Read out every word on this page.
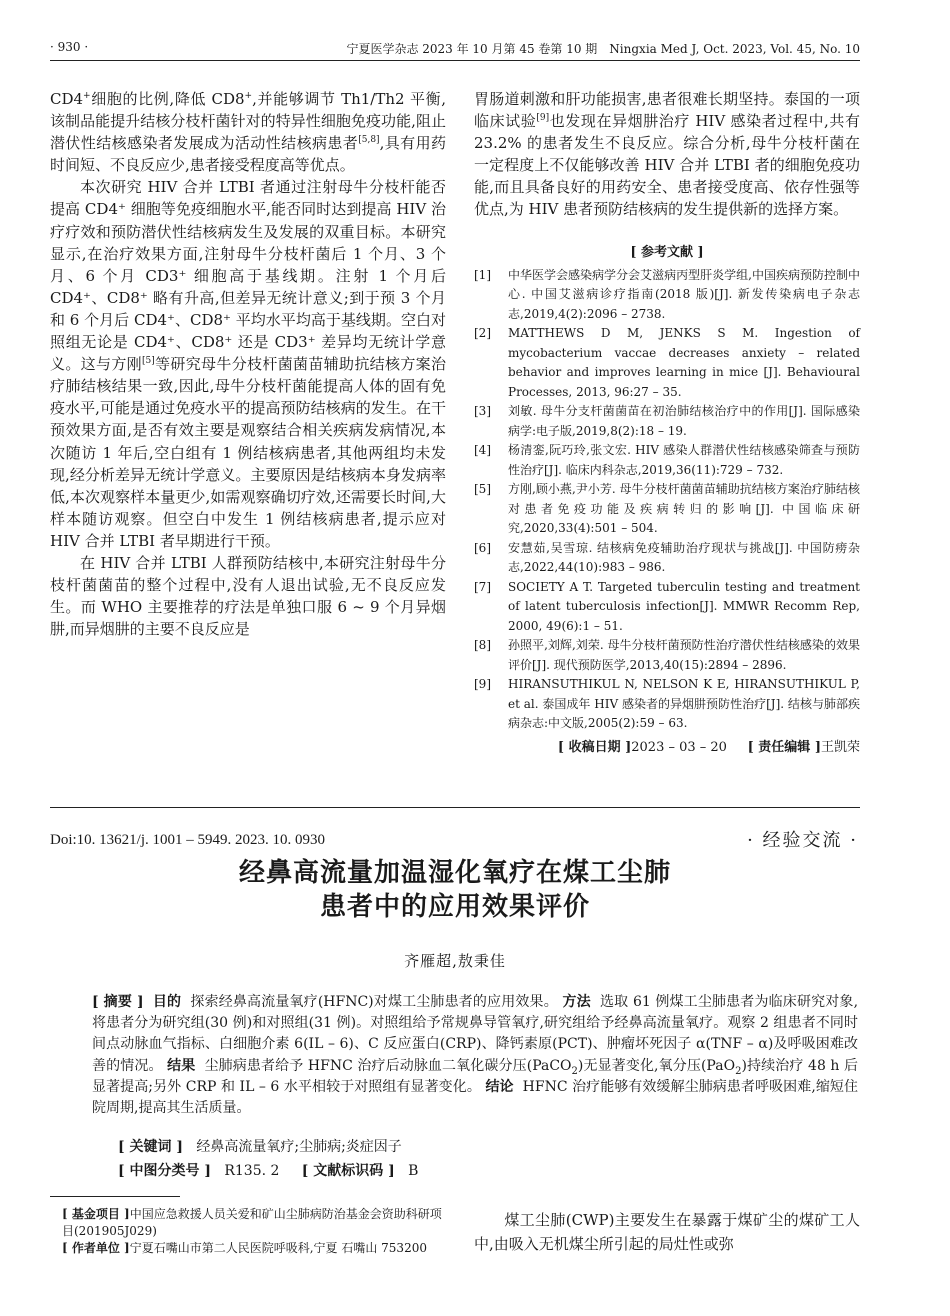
· 930 ·	宁夏医学杂志 2023 年 10 月第 45 卷第 10 期　Ningxia Med J, Oct. 2023, Vol. 45, No. 10

CD4+细胞的比例,降低 CD8+,并能够调节 Th1/Th2 平衡,该制品能提升结核分枝杆菌针对的特异性细胞免疫功能,阻止潜伏性结核感染者发展成为活动性结核病患者[5,8],具有用药时间短、不良反应少,患者接受程度高等优点。

本次研究 HIV 合并 LTBI 者通过注射母牛分枝杆能否提高 CD4⁺ 细胞等免疫细胞水平,能否同时达到提高 HIV 治疗疗效和预防潜伏性结核病发生及发展的双重目标。本研究显示,在治疗效果方面,注射母牛分枝杆菌后 1 个月、3 个月、6 个月 CD3⁺ 细胞高于基线期。注射 1 个月后 CD4⁺、CD8⁺ 略有升高,但差异无统计意义;到于预 3 个月和 6 个月后 CD4⁺、CD8⁺ 平均水平均高于基线期。空白对照组无论是 CD4⁺、CD8⁺ 还是 CD3⁺ 差异均无统计学意义。这与方刚[5]等研究母牛分枝杆菌菌苗辅助抗结核方案治疗肺结核结果一致,因此,母牛分枝杆菌能提高人体的固有免疫水平,可能是通过免疫水平的提高预防结核病的发生。在干预效果方面,是否有效主要是观察结合相关疾病发病情况,本次随访 1 年后,空白组有 1 例结核病患者,其他两组均未发现,经分析差异无统计学意义。主要原因是结核病本身发病率低,本次观察样本量更少,如需观察确切疗效,还需要长时间,大样本随访观察。但空白中发生 1 例结核病患者,提示应对 HIV 合并 LTBI 者早期进行干预。

在 HIV 合并 LTBI 人群预防结核中,本研究注射母牛分枝杆菌菌苗的整个过程中,没有人退出试验,无不良反应发生。而 WHO 主要推荐的疗法是单独口服 6 ~ 9 个月异烟肼,而异烟肼的主要不良反应是

胃肠道刺激和肝功能损害,患者很难长期坚持。泰国的一项临床试验[9]也发现在异烟肼治疗 HIV 感染者过程中,共有 23.2% 的患者发生不良反应。综合分析,母牛分枝杆菌在一定程度上不仅能够改善 HIV 合并 LTBI 者的细胞免疫功能,而且具备良好的用药安全、患者接受度高、依存性强等优点,为 HIV 患者预防结核病的发生提供新的选择方案。

[ 参考文献 ]
[1]	中华医学会感染病学分会艾滋病丙型肝炎学组,中国疾病预防控制中心. 中国艾滋病诊疗指南(2018 版)[J]. 新发传染病电子杂志志,2019,4(2):2096 – 2738.
[2]	MATTHEWS D M, JENKS S M. Ingestion of mycobacterium vaccae decreases anxiety – related behavior and improves learning in mice [J]. Behavioural Processes, 2013, 96:27 – 35.
[3]	刘敏. 母牛分支杆菌菌苗在初治肺结核治疗中的作用[J]. 国际感染病学:电子版,2019,8(2):18 – 19.
[4]	杨清銮,阮巧玲,张文宏. HIV 感染人群潜伏性结核感染筛查与预防性治疗[J]. 临床内科杂志,2019,36(11):729 – 732.
[5]	方刚,顾小燕,尹小芳. 母牛分枝杆菌菌苗辅助抗结核方案治疗肺结核对患者免疫功能及疾病转归的影响[J]. 中国临床研究,2020,33(4):501 – 504.
[6]	安慧茹,吴雪琼. 结核病免疫辅助治疗现状与挑战[J]. 中国防痨杂志,2022,44(10):983 – 986.
[7]	SOCIETY A T. Targeted tuberculin testing and treatment of latent tuberculosis infection[J]. MMWR Recomm Rep, 2000, 49(6):1 – 51.
[8]	孙照平,刘辉,刘荣. 母牛分枝杆菌预防性治疗潜伏性结核感染的效果评价[J]. 现代预防医学,2013,40(15):2894 – 2896.
[9]	HIRANSUTHIKUL N, NELSON K E, HIRANSUTHIKUL P, et al. 泰国成年 HIV 感染者的异烟肼预防性治疗[J]. 结核与肺部疾病杂志:中文版,2005(2):59 – 63.
[ 收稿日期 ]2023 – 03 – 20 [ 责任编辑 ]王凯荣
Doi:10. 13621/j. 1001 – 5949. 2023. 10. 0930	· 经验交流 ·
经鼻高流量加温湿化氧疗在煤工尘肺
患者中的应用效果评价
齐雁超,敖秉佳
[ 摘要 ] 目的 探索经鼻高流量氧疗(HFNC)对煤工尘肺患者的应用效果。 方法 选取 61 例煤工尘肺患者为临床研究对象,将患者分为研究组(30 例)和对照组(31 例)。对照组给予常规鼻导管氧疗,研究组给予经鼻高流量氧疗。观察 2 组患者不同时间点动脉血气指标、白细胞介素 6(IL – 6)、C 反应蛋白(CRP)、降钙素原(PCT)、肿瘤坏死因子 α(TNF – α)及呼吸困难改善的情况。 结果 尘肺病患者给予 HFNC 治疗后动脉血二氧化碳分压(PaCO$_2$)无显著变化,氧分压(PaO$_2$)持续治疗 48 h 后显著提高;另外 CRP 和 IL – 6 水平相较于对照组有显著变化。 结论 HFNC 治疗能够有效缓解尘肺病患者呼吸困难,缩短住院周期,提高其生活质量。
[ 关键词 ] 经鼻高流量氧疗;尘肺病;炎症因子
[ 中图分类号 ] R135. 2 [ 文献标识码 ] B
[ 基金项目 ]中国应急救援人员关爱和矿山尘肺病防治基金会资助科研项目(201905J029)
[ 作者单位 ]宁夏石嘴山市第二人民医院呼吸科,宁夏 石嘴山 753200
煤工尘肺(CWP)主要发生在暴露于煤矿尘的煤矿工人中,由吸入无机煤尘所引起的局灶性或弥
